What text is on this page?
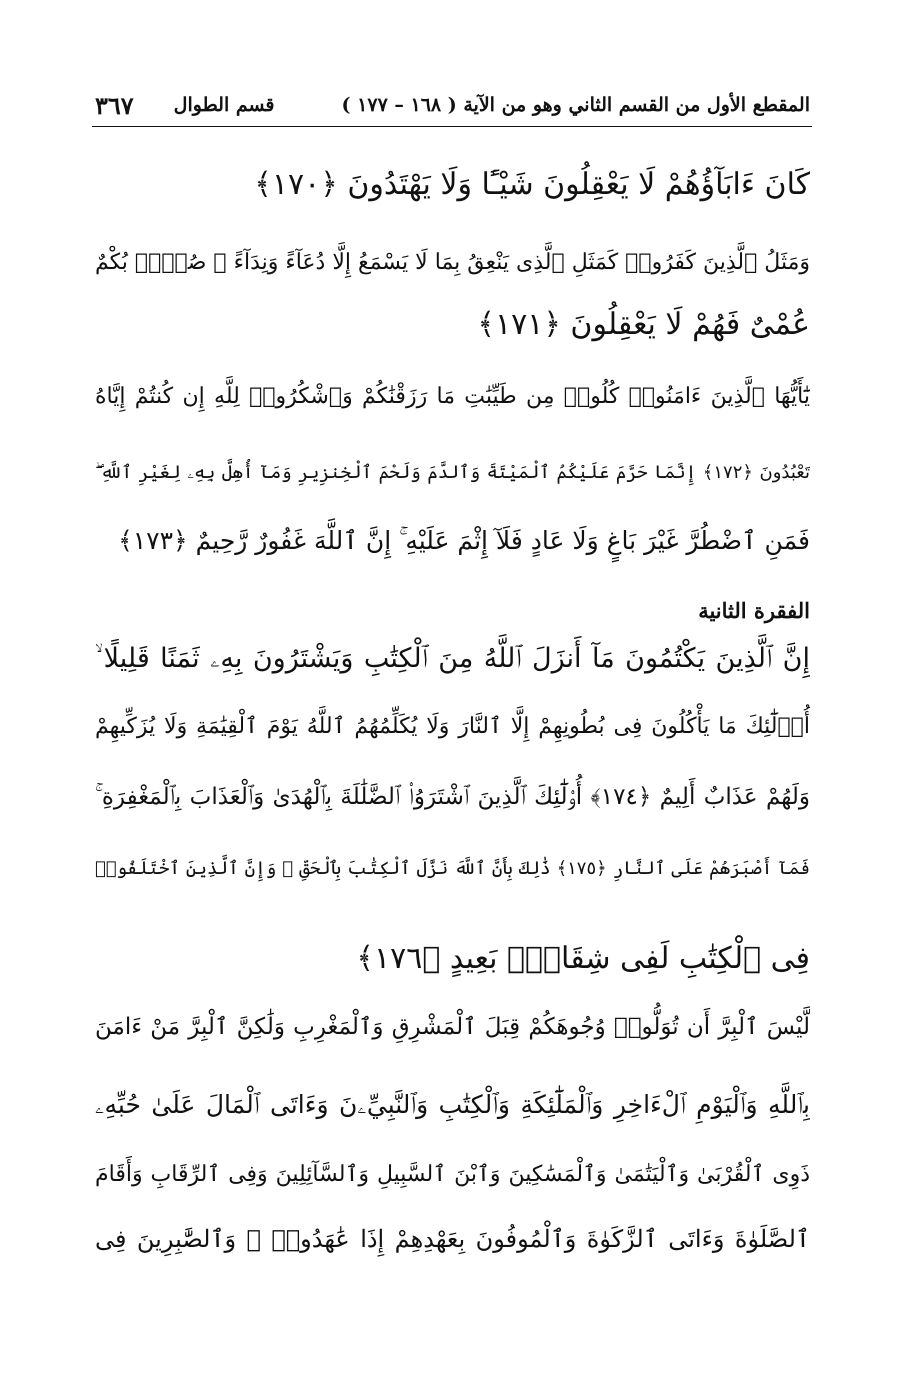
المقطع الأول من القسم الثاني وهو من الآية ( ١٦٨ – ١٧٧ )
قسم الطوال
٣٦٧
كَانَ ءَابَآؤُهُمْ لَا يَعْقِلُونَ شَيْـًٔا وَلَا يَهْتَدُونَ ﴿١٧٠﴾
وَمَثَلُ ٱلَّذِينَ كَفَرُوا۟ كَمَثَلِ ٱلَّذِى يَنْعِقُ بِمَا لَا يَسْمَعُ إِلَّا دُعَآءً وَنِدَآءً ۚ صُمٌّۢ بُكْمٌ
عُمْىٌ فَهُمْ لَا يَعْقِلُونَ ﴿١٧١﴾
يَٰٓأَيُّهَا ٱلَّذِينَ ءَامَنُوا۟ كُلُوا۟ مِن طَيِّبَٰتِ مَا رَزَقْنَٰكُمْ وَٱشْكُرُوا۟ لِلَّهِ إِن كُنتُمْ إِيَّاهُ
تَعْبُدُونَ ﴿١٧٢﴾ إِنَّمَا حَرَّمَ عَلَيْكُمُ ٱلْمَيْتَةَ وَٱلدَّمَ وَلَحْمَ ٱلْخِنزِيرِ وَمَآ أُهِلَّ بِهِۦ لِغَيْرِ ٱللَّهِ ۖ
فَمَنِ ٱضْطُرَّ غَيْرَ بَاغٍ وَلَا عَادٍ فَلَآ إِثْمَ عَلَيْهِ ۚ إِنَّ ٱللَّهَ غَفُورٌ رَّحِيمٌ ﴿١٧٣﴾
الفقرة الثانية
إِنَّ ٱلَّذِينَ يَكْتُمُونَ مَآ أَنزَلَ ٱللَّهُ مِنَ ٱلْكِتَٰبِ وَيَشْتَرُونَ بِهِۦ ثَمَنًا قَلِيلًا ۙ
أُو۟لَٰٓئِكَ مَا يَأْكُلُونَ فِى بُطُونِهِمْ إِلَّا ٱلنَّارَ وَلَا يُكَلِّمُهُمُ ٱللَّهُ يَوْمَ ٱلْقِيَٰمَةِ وَلَا يُزَكِّيهِمْ
وَلَهُمْ عَذَابٌ أَلِيمٌ ﴿١٧٤﴾ أُو۟لَٰٓئِكَ ٱلَّذِينَ ٱشْتَرَوُا۟ ٱلضَّلَٰلَةَ بِٱلْهُدَىٰ وَٱلْعَذَابَ بِٱلْمَغْفِرَةِ ۚ
فَمَآ أَصْبَرَهُمْ عَلَى ٱلنَّارِ ﴿١٧٥﴾ ذَٰلِكَ بِأَنَّ ٱللَّهَ نَزَّلَ ٱلْكِتَٰبَ بِٱلْحَقِّ ۗ وَإِنَّ ٱلَّذِينَ ٱخْتَلَفُوا۟
فِى ٱلْكِتَٰبِ لَفِى شِقَاقٍۭ بَعِيدٍ ﴿١٧٦﴾
لَّيْسَ ٱلْبِرَّ أَن تُوَلُّوا۟ وُجُوهَكُمْ قِبَلَ ٱلْمَشْرِقِ وَٱلْمَغْرِبِ وَلَٰكِنَّ ٱلْبِرَّ مَنْ ءَامَنَ
بِٱللَّهِ وَٱلْيَوْمِ ٱلْءَاخِرِ وَٱلْمَلَٰٓئِكَةِ وَٱلْكِتَٰبِ وَٱلنَّبِيِّۦنَ وَءَاتَى ٱلْمَالَ عَلَىٰ حُبِّهِۦ
ذَوِى ٱلْقُرْبَىٰ وَٱلْيَتَٰمَىٰ وَٱلْمَسَٰكِينَ وَٱبْنَ ٱلسَّبِيلِ وَٱلسَّآئِلِينَ وَفِى ٱلرِّقَابِ وَأَقَامَ
ٱلصَّلَوٰةَ وَءَاتَى ٱلزَّكَوٰةَ وَٱلْمُوفُونَ بِعَهْدِهِمْ إِذَا عَٰهَدُوا۟ ۖ وَٱلصَّٰبِرِينَ فِى
